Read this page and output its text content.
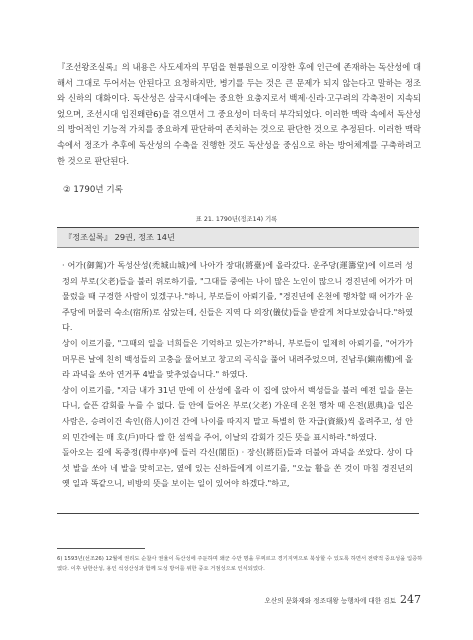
『조선왕조실록』의 내용은 사도세자의 무덤을 현륭원으로 이장한 후에 인근에 존재하는 독산성에 대해서 그대로 두어서는 안된다고 요청하지만, 병기를 두는 것은 큰 문제가 되지 않는다고 말하는 정조와 신하의 대화이다. 독산성은 삼국시대에는 중요한 요충지로서 백제·신라·고구려의 각축전이 지속되었으며, 조선시대 임진왜란6)을 겪으면서 그 중요성이 더욱더 부각되었다. 이러한 맥락 속에서 독산성의 방어적인 기능적 가치를 중요하게 판단하여 존치하는 것으로 판단한 것으로 추정된다. 이러한 맥락 속에서 정조가 추후에 독산성의 수축을 진행한 것도 독산성을 중심으로 하는 방어체계를 구축하려고 한 것으로 판단된다.

② 1790년 기록

표 21. 1790년(정조14) 기록

『정조실록』 29권, 정조 14년

· 어가(御駕)가 독성산성(禿城山城)에 나아가 장대(將臺)에 올라갔다. 운주당(運籌堂)에 이르러 성정의 부로(父老)들을 불러 위로하기를, "그대들 중에는 나이 많은 노인이 많으니 경진년에 어가가 머물렀을 때 구경한 사람이 있겠구나."하니, 부로들이 아뢰기를, "경진년에 온천에 행차할 때 어가가 운주당에 머물러 숙소(宿所)로 삼았는데, 신들은 지역 다 의장(儀仗)들을 받갈게 처다보았습니다."하였다.

상이 이르기를, "그때의 일을 너희들은 기억하고 있는가?"하니, 부로들이 일제히 아뢰기를, "어가가 머무른 날에 친히 백성들의 고충을 물어보고 창고의 곡식을 풀어 내려주었으며, 진남루(鎭南樓)에 올라 과녁을 쏘아 연거푸 4발을 맞추었습니다." 하였다.

상이 이르기를, "지금 내가 31년 만에 이 산성에 올라 이 집에 앉아서 백성들을 불러 예전 일을 묻는다니, 슬픈 감회를 누를 수 없다. 들 안에 들어온 부로(父老) 가운데 온천 행차 때 은전(恩典)을 입은 사람은, 승려이건 속인(俗人)이건 간에 나이를 따지지 말고 특별히 한 자급(資級)씩 올려주고, 성 안의 민간에는 매 호(戶)마다 쌀 한 섬씩을 주어, 이날의 감회가 깃든 뜻을 표시하라."하였다.

돌아오는 길에 독중정(得中亭)에 들러 각신(閣臣) · 장신(將臣)들과 더불어 과녁을 쏘았다. 상이 다섯 발을 쏘아 네 발을 맞히고는, 옆에 있는 신하들에게 이르기를, "오늘 활을 쏜 것이 마침 경진년의 옛 일과 똑같으니, 비방의 뜻을 보이는 일이 있어야 하겠다."하고,

6) 1593년(선조26) 12월에 권리도 순찰사 권율이 독산성에 주둔하며 왜군 수만 명을 무찌르고 경기지역으로 북상할 수 있도록 하면서 전략적 중요성을 입증하였다. 이후 남한산성, 용인 석성산성과 함께 도성 방어를 위한 중요 거점성으로 인식되었다.

오산의 문화재와 정조대왕 능행차에 대한 검토 247
